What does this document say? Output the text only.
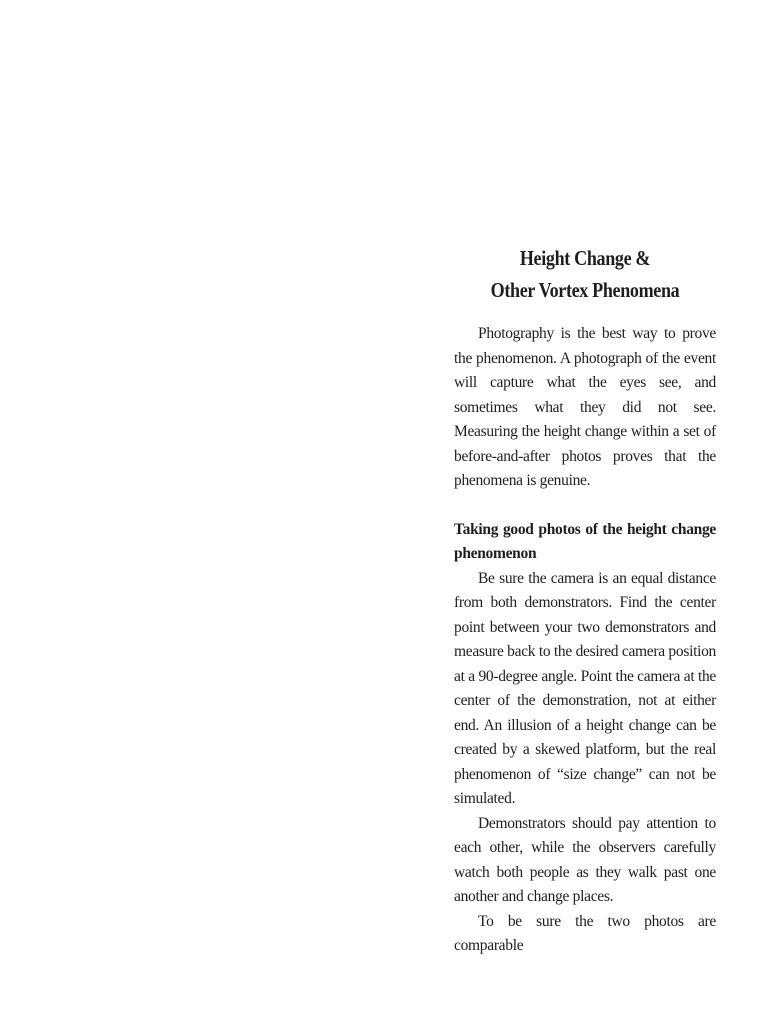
Height Change &
Other Vortex Phenomena

Photography is the best way to prove the phenomenon. A photograph of the event will capture what the eyes see, and sometimes what they did not see. Measuring the height change within a set of before-and-after photos proves that the phenomena is genuine.

Taking good photos of the height change phenomenon

Be sure the camera is an equal distance from both demonstrators. Find the center point between your two demonstrators and measure back to the desired camera position at a 90-degree angle. Point the camera at the center of the demonstration, not at either end. An illusion of a height change can be created by a skewed platform, but the real phenomenon of “size change” can not be simulated.

Demonstrators should pay attention to each other, while the observers carefully watch both people as they walk past one another and change places.

To be sure the two photos are comparable
